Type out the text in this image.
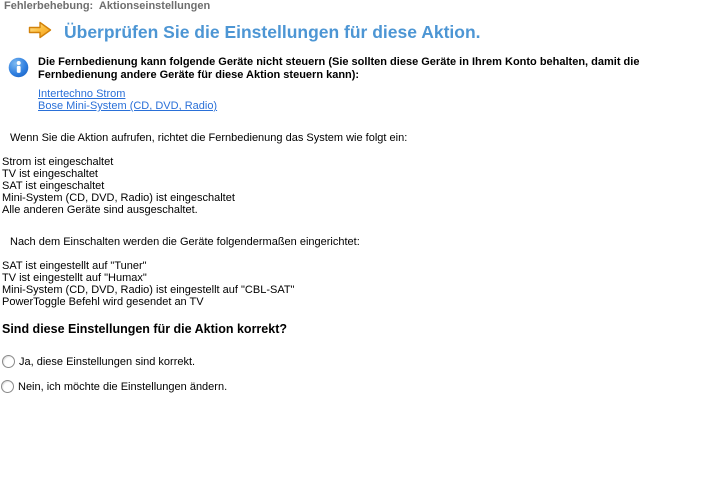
Fehlerbehebung:  Aktionseinstellungen
Überprüfen Sie die Einstellungen für diese Aktion.
Die Fernbedienung kann folgende Geräte nicht steuern (Sie sollten diese Geräte in Ihrem Konto behalten, damit die Fernbedienung andere Geräte für diese Aktion steuern kann):
Intertechno Strom
Bose Mini-System (CD, DVD, Radio)
Wenn Sie die Aktion aufrufen, richtet die Fernbedienung das System wie folgt ein:
Strom ist eingeschaltet
TV ist eingeschaltet
SAT ist eingeschaltet
Mini-System (CD, DVD, Radio) ist eingeschaltet
Alle anderen Geräte sind ausgeschaltet.
Nach dem Einschalten werden die Geräte folgendermaßen eingerichtet:
SAT ist eingestellt auf "Tuner"
TV ist eingestellt auf "Humax"
Mini-System (CD, DVD, Radio) ist eingestellt auf "CBL-SAT"
PowerToggle Befehl wird gesendet an TV
Sind diese Einstellungen für die Aktion korrekt?
Ja, diese Einstellungen sind korrekt.
Nein, ich möchte die Einstellungen ändern.
